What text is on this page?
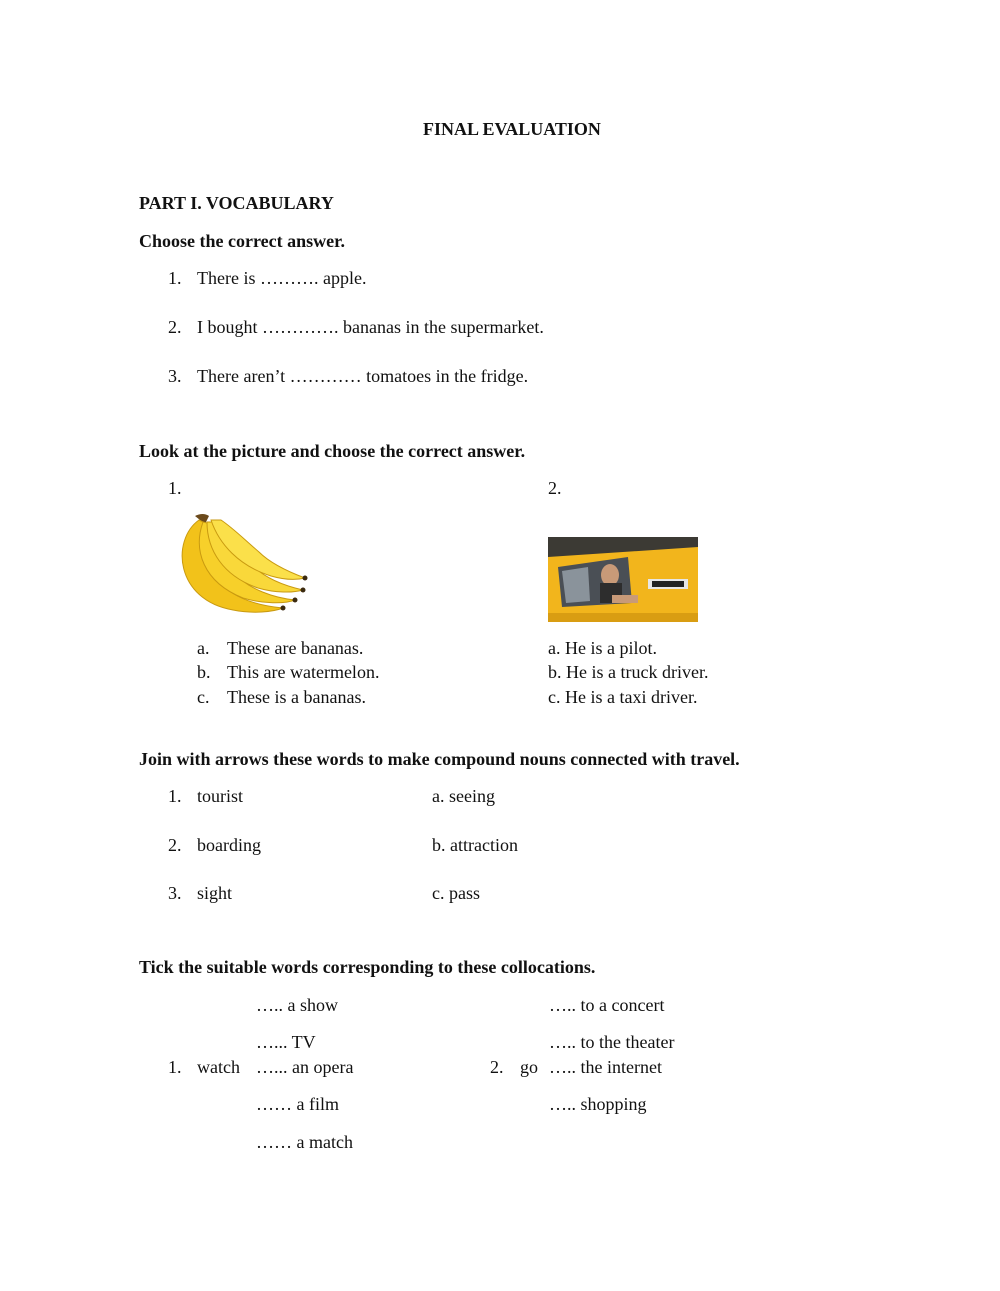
FINAL EVALUATION
PART I. VOCABULARY
Choose the correct answer.
1. There is ………. apple.
2. I bought …………. bananas in the supermarket.
3. There aren’t ………… tomatoes in the fridge.
Look at the picture and choose the correct answer.
1.	2.
a. These are bananas.
b. This are watermelon.
c. These is a bananas.
a. He is a pilot.
b. He is a truck driver.
c. He is a taxi driver.
Join with arrows these words to make compound nouns connected with travel.
1. tourist	a. seeing
2. boarding	b. attraction
3. sight	c. pass
Tick the suitable words corresponding to these collocations.
….. a show
…... TV
1. watch …... an opera
…… a film
…… a match
….. to a concert
….. to the theater
2. go ….. the internet
….. shopping
